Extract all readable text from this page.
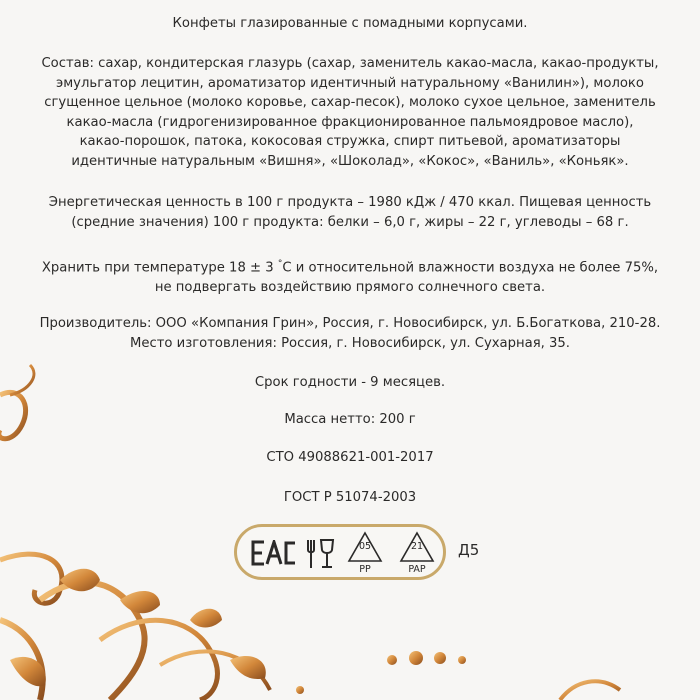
Конфеты глазированные с помадными корпусами.

Состав: сахар, кондитерская глазурь (сахар, заменитель какао-масла, какао-продукты,

эмульгатор лецитин, ароматизатор идентичный натуральному «Ванилин»), молоко

сгущенное цельное (молоко коровье, сахар-песок), молоко сухое цельное, заменитель

какао-масла (гидрогенизированное фракционированное пальмоядровое масло),

какао-порошок, патока, кокосовая стружка, спирт питьевой, ароматизаторы

идентичные натуральным «Вишня», «Шоколад», «Кокос», «Ваниль», «Коньяк».

Энергетическая ценность в 100 г продукта – 1980 кДж / 470 ккал. Пищевая ценность

(средние значения) 100 г продукта: белки – 6,0 г, жиры – 22 г, углеводы – 68 г.

Хранить при температуре 18 ± 3 °С и относительной влажности воздуха не более 75%,

не подвергать воздействию прямого солнечного света.

Производитель: ООО «Компания Грин», Россия, г. Новосибирск, ул. Б.Богаткова, 210-28.

Место изготовления: Россия, г. Новосибирск, ул. Сухарная, 35.

Срок годности - 9 месяцев.

Масса нетто: 200 г

СТО 49088621-001-2017

ГОСТ Р 51074-2003

05
PP
21
PAP
Д5
